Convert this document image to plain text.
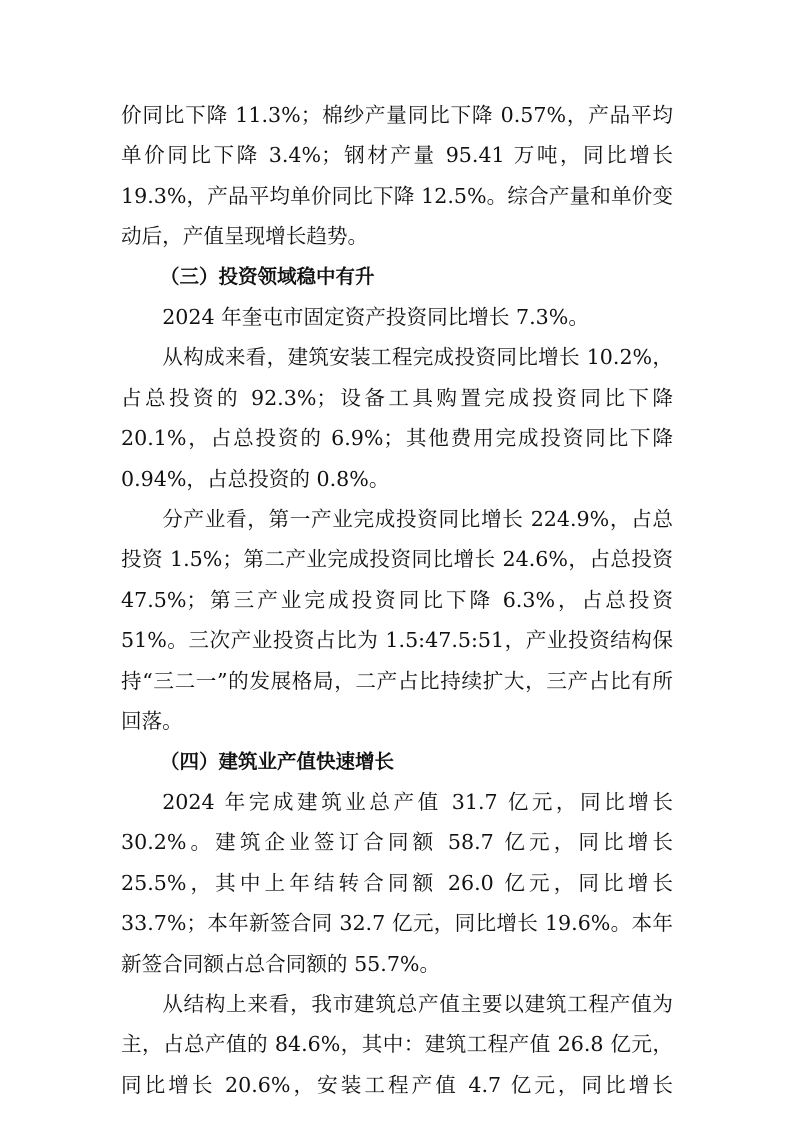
价同比下降 11.3%；棉纱产量同比下降 0.57%，产品平均单价同比下降 3.4%；钢材产量 95.41 万吨，同比增长 19.3%，产品平均单价同比下降 12.5%。综合产量和单价变动后，产值呈现增长趋势。

（三）投资领域稳中有升

2024 年奎屯市固定资产投资同比增长 7.3%。

从构成来看，建筑安装工程完成投资同比增长 10.2%，占总投资的 92.3%；设备工具购置完成投资同比下降 20.1%，占总投资的 6.9%；其他费用完成投资同比下降 0.94%，占总投资的 0.8%。

分产业看，第一产业完成投资同比增长 224.9%，占总投资 1.5%；第二产业完成投资同比增长 24.6%，占总投资 47.5%；第三产业完成投资同比下降 6.3%，占总投资 51%。三次产业投资占比为 1.5:47.5:51，产业投资结构保持“三二一”的发展格局，二产占比持续扩大，三产占比有所回落。

（四）建筑业产值快速增长

2024 年完成建筑业总产值 31.7 亿元，同比增长 30.2%。建筑企业签订合同额 58.7 亿元，同比增长 25.5%，其中上年结转合同额 26.0 亿元，同比增长 33.7%；本年新签合同 32.7 亿元，同比增长 19.6%。本年新签合同额占总合同额的 55.7%。

从结构上来看，我市建筑总产值主要以建筑工程产值为主，占总产值的 84.6%，其中：建筑工程产值 26.8 亿元，同比增长 20.6%，安装工程产值 4.7 亿元，同比增长
